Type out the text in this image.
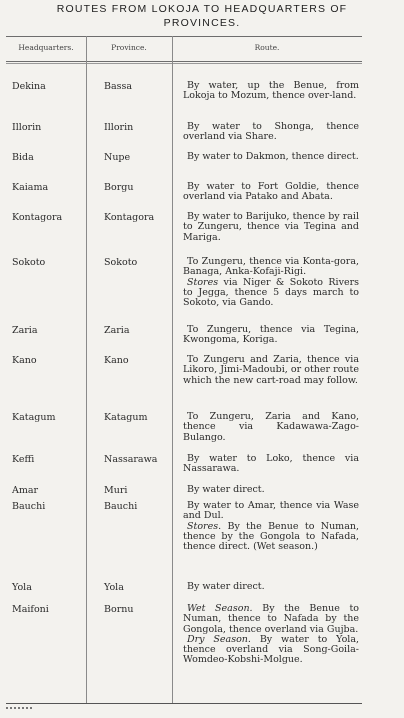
ROUTES FROM LOKOJA TO HEADQUARTERS OF
PROVINCES.
Headquarters.	Province.	Route.
Dekina	Bassa	By water, up the Benue, from Lokoja to Mozum, thence over-land.

Illorin	Illorin	By water to Shonga, thence overland via Share.

Bida	Nupe	By water to Dakmon, thence direct.

Kaiama	Borgu	By water to Fort Goldie, thence overland via Patako and Abata.

Kontagora	Kontagora	By water to Barijuko, thence by rail to Zungeru, thence via Tegina and Mariga.

Sokoto	Sokoto	To Zungeru, thence via Konta-gora, Banaga, Anka-Kofaji-Rigi.

Stores via Niger & Sokoto Rivers to Jegga, thence 5 days march to Sokoto, via Gando.

Zaria	Zaria	To Zungeru, thence via Tegina, Kwongoma, Koriga.

Kano	Kano	To Zungeru and Zaria, thence via Likoro, Jimi-Madoubi, or other route which the new cart-road may follow.

Katagum	Katagum	To Zungeru, Zaria and Kano, thence via Kadawawa-Zago-Bulango.

Keffi	Nassarawa	By water to Loko, thence via Nassarawa.

Amar	Muri	By water direct.

Bauchi	Bauchi	By water to Amar, thence via Wase and Dul.

Stores. By the Benue to Numan, thence by the Gongola to Nafada, thence direct. (Wet season.)

Yola	Yola	By water direct.

Maifoni	Bornu	Wet Season. By the Benue to Numan, thence to Nafada by the Gongola, thence overland via Gujba.

Dry Season. By water to Yola, thence overland via Song-Goila-Womdeo-Kobshi-Molgue.
